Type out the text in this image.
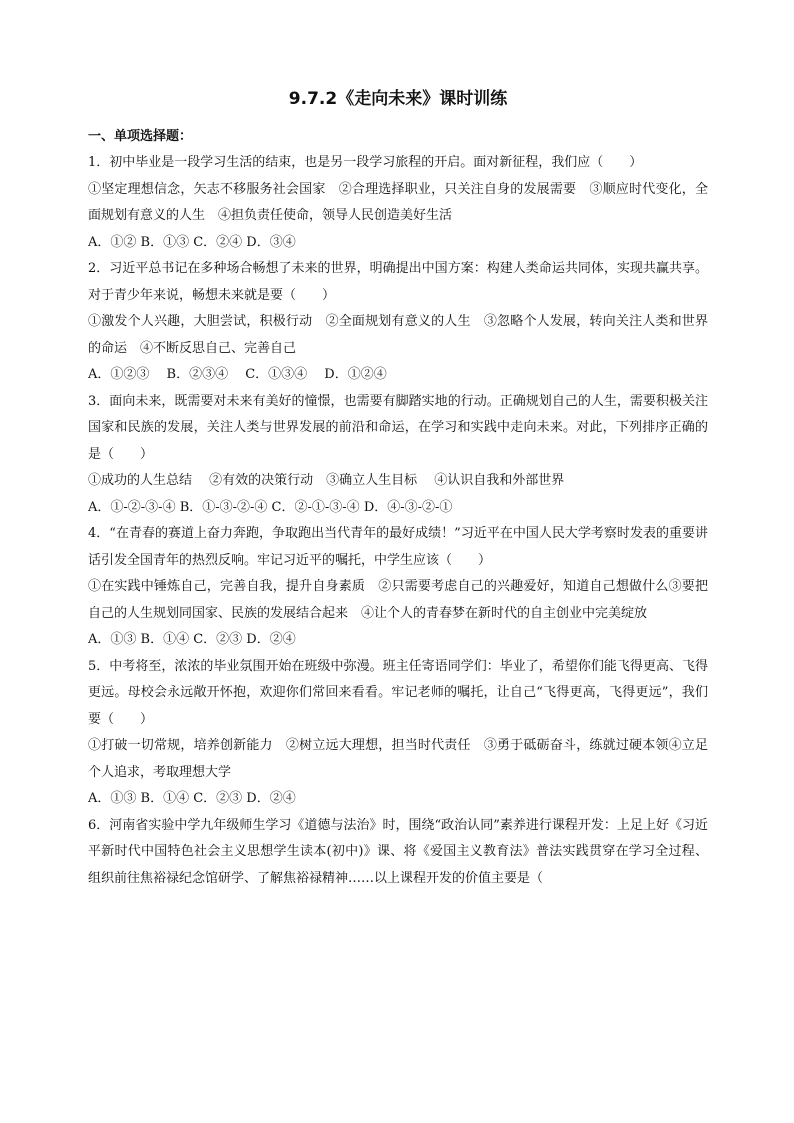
9.7.2《走向未来》课时训练
一、单项选择题：
1．初中毕业是一段学习生活的结束，也是另一段学习旅程的开启。面对新征程，我们应（　　）
①坚定理想信念，矢志不移服务社会国家　②合理选择职业，只关注自身的发展需要　③顺应时代变化，全面规划有意义的人生　④担负责任使命，领导人民创造美好生活
A．①② B．①③ C．②④ D．③④
2．习近平总书记在多种场合畅想了未来的世界，明确提出中国方案：构建人类命运共同体，实现共赢共享。对于青少年来说，畅想未来就是要（　　）
①激发个人兴趣，大胆尝试，积极行动　②全面规划有意义的人生　③忽略个人发展，转向关注人类和世界的命运　④不断反思自己、完善自己
A．①②③　 B．②③④　 C．①③④　 D．①②④
3．面向未来，既需要对未来有美好的憧憬，也需要有脚踏实地的行动。正确规划自己的人生，需要积极关注国家和民族的发展，关注人类与世界发展的前沿和命运，在学习和实践中走向未来。对此，下列排序正确的是（　　）
①成功的人生总结　 ②有效的决策行动　③确立人生目标　 ④认识自我和外部世界
A．①-②-③-④ B．①-③-②-④ C．②-①-③-④ D．④-③-②-①
4．“在青春的赛道上奋力奔跑，争取跑出当代青年的最好成绩！”习近平在中国人民大学考察时发表的重要讲话引发全国青年的热烈反响。牢记习近平的嘱托，中学生应该（　　）
①在实践中锤炼自己，完善自我，提升自身素质　②只需要考虑自己的兴趣爱好，知道自己想做什么③要把自己的人生规划同国家、民族的发展结合起来　④让个人的青春梦在新时代的自主创业中完美绽放
A．①③ B．①④ C．②③ D．②④
5．中考将至，浓浓的毕业氛围开始在班级中弥漫。班主任寄语同学们：毕业了，希望你们能飞得更高、飞得更远。母校会永远敞开怀抱，欢迎你们常回来看看。牢记老师的嘱托，让自己“飞得更高，飞得更远”，我们要（　　）
①打破一切常规，培养创新能力　②树立远大理想，担当时代责任　③勇于砥砺奋斗，练就过硬本领④立足个人追求，考取理想大学
A．①③ B．①④ C．②③ D．②④
6．河南省实验中学九年级师生学习《道德与法治》时，围绕“政治认同”素养进行课程开发：上足上好《习近平新时代中国特色社会主义思想学生读本(初中)》课、将《爱国主义教育法》普法实践贯穿在学习全过程、组织前往焦裕禄纪念馆研学、了解焦裕禄精神……以上课程开发的价值主要是（
